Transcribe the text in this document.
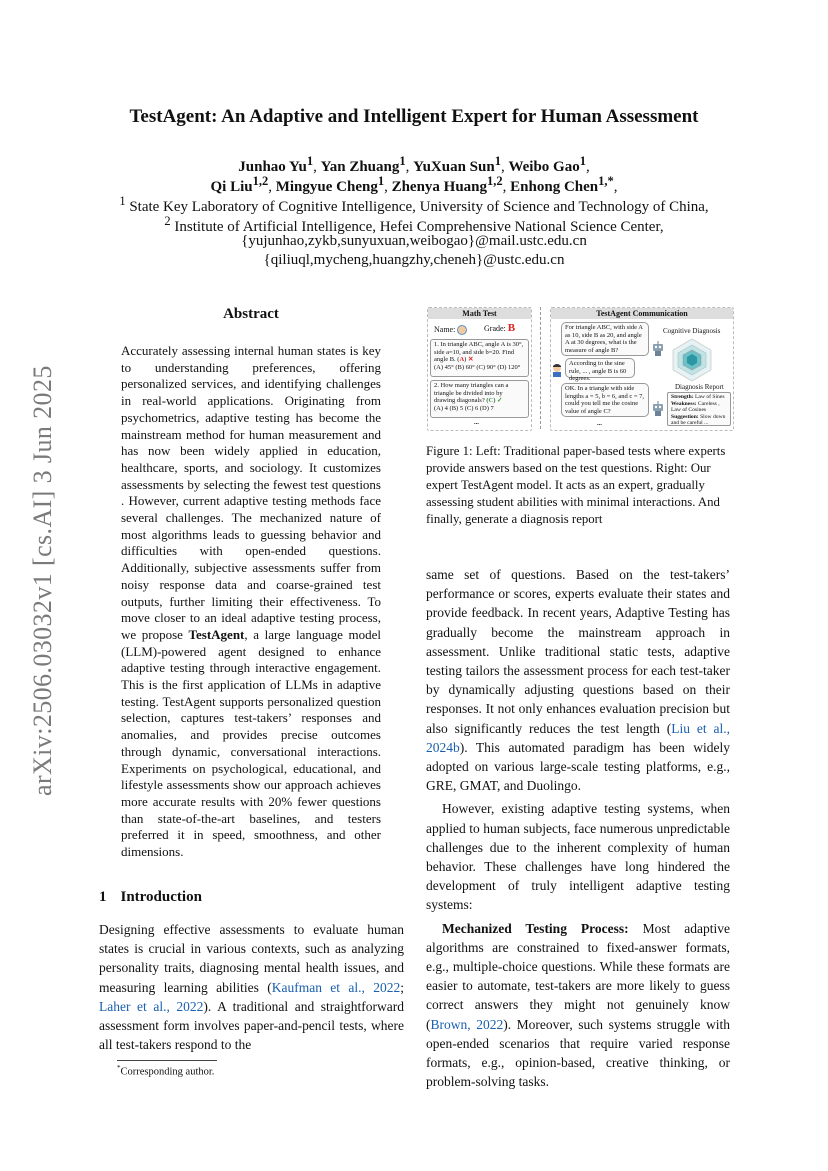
TestAgent: An Adaptive and Intelligent Expert for Human Assessment
Junhao Yu$^1$, Yan Zhuang$^1$, YuXuan Sun$^1$, Weibo Gao$^1$,
Qi Liu$^{1,2}$, Mingyue Cheng$^1$, Zhenya Huang$^{1,2}$, Enhong Chen$^{1,*}$,
$^1$ State Key Laboratory of Cognitive Intelligence, University of Science and Technology of China,
$^2$ Institute of Artificial Intelligence, Hefei Comprehensive National Science Center,
{yujunhao,zykb,sunyuxuan,weibogao}@mail.ustc.edu.cn
{qiliuql,mycheng,huangzhy,cheneh}@ustc.edu.cn
arXiv:2506.03032v1 [cs.AI] 3 Jun 2025
Abstract
Accurately assessing internal human states is key to understanding preferences, offering personalized services, and identifying challenges in real-world applications. Originating from psychometrics, adaptive testing has become the mainstream method for human measurement and has now been widely applied in education, healthcare, sports, and sociology. It customizes assessments by selecting the fewest test questions . However, current adaptive testing methods face several challenges. The mechanized nature of most algorithms leads to guessing behavior and difficulties with open-ended questions. Additionally, subjective assessments suffer from noisy response data and coarse-grained test outputs, further limiting their effectiveness. To move closer to an ideal adaptive testing process, we propose TestAgent, a large language model (LLM)-powered agent designed to enhance adaptive testing through interactive engagement. This is the first application of LLMs in adaptive testing. TestAgent supports personalized question selection, captures test-takers’ responses and anomalies, and provides precise outcomes through dynamic, conversational interactions. Experiments on psychological, educational, and lifestyle assessments show our approach achieves more accurate results with 20% fewer questions than state-of-the-art baselines, and testers preferred it in speed, smoothness, and other dimensions.
1 Introduction
Designing effective assessments to evaluate human states is crucial in various contexts, such as analyzing personality traits, diagnosing mental health issues, and measuring learning abilities (Kaufman et al., 2022; Laher et al., 2022). A traditional and straightforward assessment form involves paper-and-pencil tests, where all test-takers respond to the
*Corresponding author.
Math Test
Name:	Grade: B
1. In triangle ABC, angle A is 30°, side a=10, and side b=20. Find angle B. (A) ✕
(A) 45° (B) 60° (C) 90° (D) 120°
2. How many triangles can a triangle be divided into by drawing diagonals? (C) ✓
(A) 4 (B) 5 (C) 6 (D) 7
...
TestAgent Communication
For triangle ABC, with side A as 10, side B as 20, and angle A at 30 degrees, what is the measure of angle B?
Cognitive Diagnosis
According to the sine rule, ... , angle B is 60 degrees.
Diagnosis Report
OK. In a triangle with side lengths a = 5, b = 6, and c = 7, could you tell me the cosine value of angle C?
Strength: Law of Sines
Weakness: Careless , Law of Cosines
Suggestion: Slow down and be careful ...
...
Figure 1: Left: Traditional paper-based tests where experts provide answers based on the test questions. Right: Our expert TestAgent model. It acts as an expert, gradually assessing student abilities with minimal interactions. And finally, generate a diagnosis report

same set of questions. Based on the test-takers’ performance or scores, experts evaluate their states and provide feedback. In recent years, Adaptive Testing has gradually become the mainstream approach in assessment. Unlike traditional static tests, adaptive testing tailors the assessment process for each test-taker by dynamically adjusting questions based on their responses. It not only enhances evaluation precision but also significantly reduces the test length (Liu et al., 2024b). This automated paradigm has been widely adopted on various large-scale testing platforms, e.g., GRE, GMAT, and Duolingo.

However, existing adaptive testing systems, when applied to human subjects, face numerous unpredictable challenges due to the inherent complexity of human behavior. These challenges have long hindered the development of truly intelligent adaptive testing systems:

Mechanized Testing Process: Most adaptive algorithms are constrained to fixed-answer formats, e.g., multiple-choice questions. While these formats are easier to automate, test-takers are more likely to guess correct answers they might not genuinely know (Brown, 2022). Moreover, such systems struggle with open-ended scenarios that require varied response formats, e.g., opinion-based, creative thinking, or problem-solving tasks.
